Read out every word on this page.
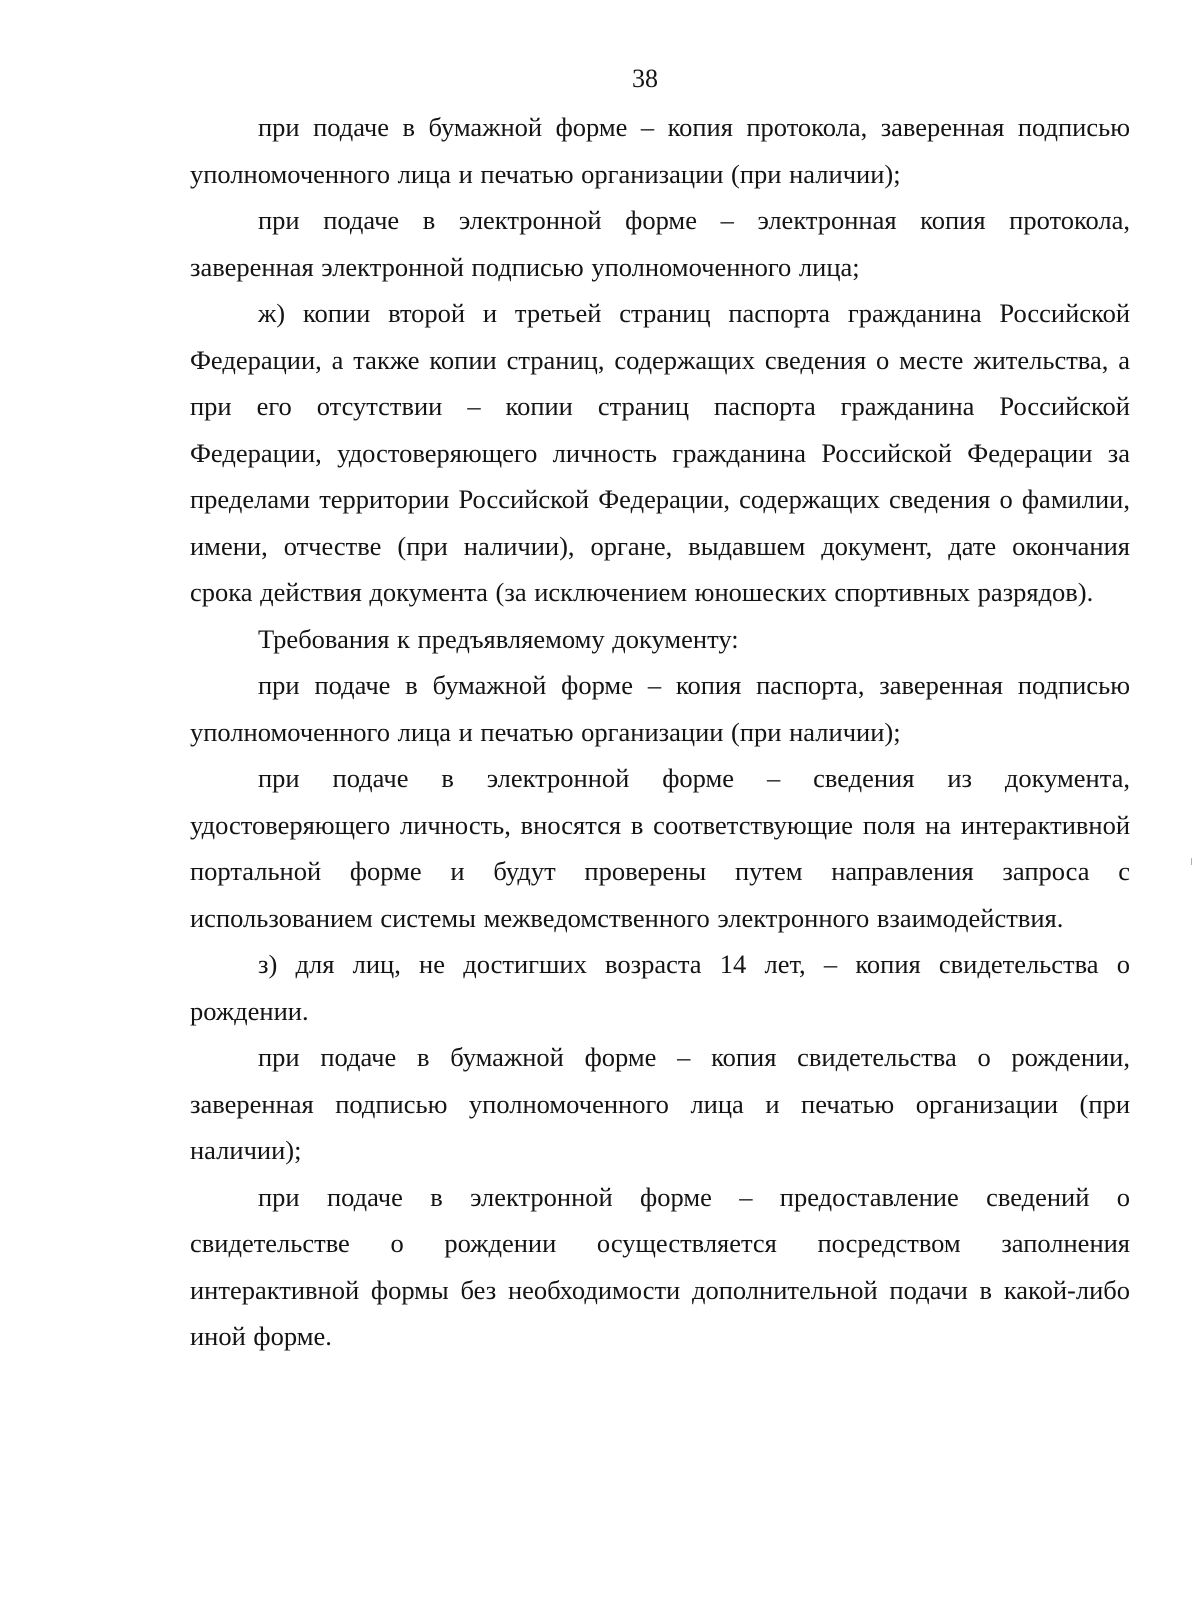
38

при подаче в бумажной форме – копия протокола, заверенная подписью уполномоченного лица и печатью организации (при наличии);

при подаче в электронной форме – электронная копия протокола, заверенная электронной подписью уполномоченного лица;

ж) копии второй и третьей страниц паспорта гражданина Российской Федерации, а также копии страниц, содержащих сведения о месте жительства, а при его отсутствии – копии страниц паспорта гражданина Российской Федерации, удостоверяющего личность гражданина Российской Федерации за пределами территории Российской Федерации, содержащих сведения о фамилии, имени, отчестве (при наличии), органе, выдавшем документ, дате окончания срока действия документа (за исключением юношеских спортивных разрядов).

Требования к предъявляемому документу:

при подаче в бумажной форме – копия паспорта, заверенная подписью уполномоченного лица и печатью организации (при наличии);

при подаче в электронной форме – сведения из документа, удостоверяющего личность, вносятся в соответствующие поля на интерактивной портальной форме и будут проверены путем направления запроса с использованием системы межведомственного электронного взаимодействия.

з) для лиц, не достигших возраста 14 лет, – копия свидетельства о рождении.

при подаче в бумажной форме – копия свидетельства о рождении, заверенная подписью уполномоченного лица и печатью организации (при наличии);

при подаче в электронной форме – предоставление сведений о свидетельстве о рождении осуществляется посредством заполнения интерактивной формы без необходимости дополнительной подачи в какой-либо иной форме.
